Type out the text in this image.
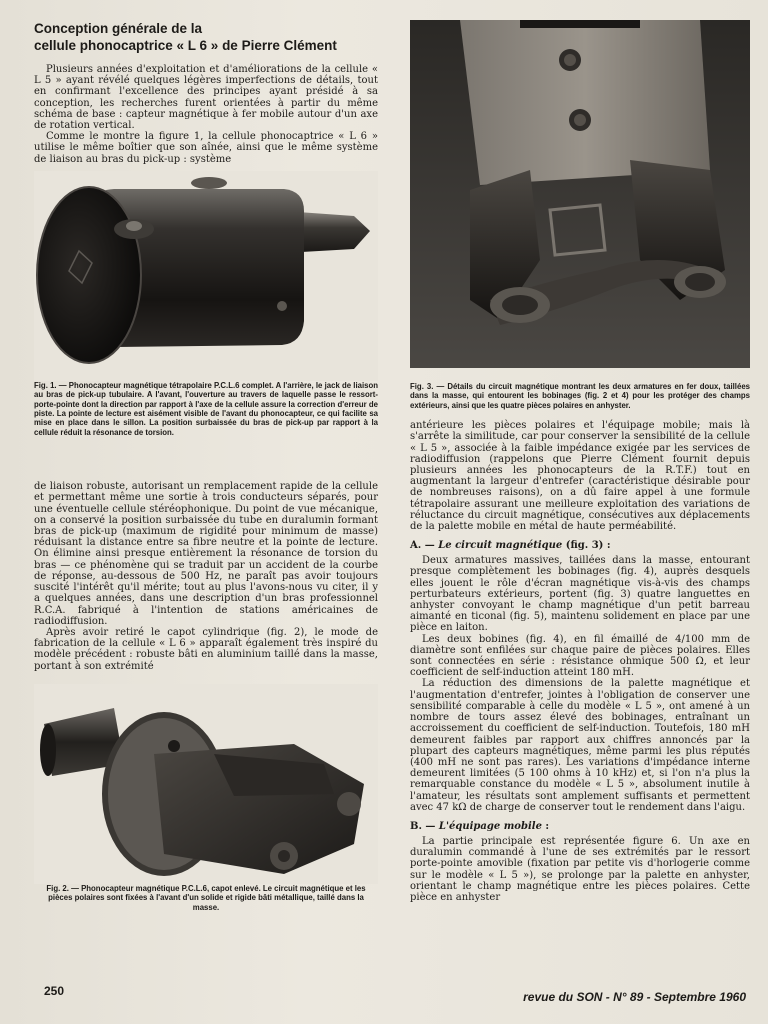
Conception générale de la
cellule phonocaptrice « L 6 » de Pierre Clément

Plusieurs années d'exploitation et d'améliorations de la cellule « L 5 » ayant révélé quelques légères imperfections de détails, tout en confirmant l'excellence des principes ayant présidé à sa conception, les recherches furent orientées à partir du même schéma de base : capteur magnétique à fer mobile autour d'un axe de rotation vertical.

Comme le montre la figure 1, la cellule phonocaptrice « L 6 » utilise le même boîtier que son aînée, ainsi que le même système de liaison au bras du pick-up : système

Fig. 1. — Phonocapteur magnétique tétrapolaire P.C.L.6 complet. A l'arrière, le jack de liaison au bras de pick-up tubulaire. A l'avant, l'ouverture au travers de laquelle passe le ressort-porte-pointe dont la direction par rapport à l'axe de la cellule assure la correction d'erreur de piste. La pointe de lecture est aisément visible de l'avant du phonocapteur, ce qui facilite sa mise en place dans le sillon. La position surbaissée du bras de pick-up par rapport à la cellule réduit la résonance de torsion.

de liaison robuste, autorisant un remplacement rapide de la cellule et permettant même une sortie à trois conducteurs séparés, pour une éventuelle cellule stéréophonique. Du point de vue mécanique, on a conservé la position surbaissée du tube en duralumin formant bras de pick-up (maximum de rigidité pour minimum de masse) réduisant la distance entre sa fibre neutre et la pointe de lecture. On élimine ainsi presque entièrement la résonance de torsion du bras — ce phénomène qui se traduit par un accident de la courbe de réponse, au-dessous de 500 Hz, ne paraît pas avoir toujours suscité l'intérêt qu'il mérite; tout au plus l'avons-nous vu citer, il y a quelques années, dans une description d'un bras professionnel R.C.A. fabriqué à l'intention de stations américaines de radiodiffusion.

Après avoir retiré le capot cylindrique (fig. 2), le mode de fabrication de la cellule « L 6 » apparaît également très inspiré du modèle précédent : robuste bâti en aluminium taillé dans la masse, portant à son extrémité

Fig. 2. — Phonocapteur magnétique P.C.L.6, capot enlevé. Le circuit magnétique et les pièces polaires sont fixées à l'avant d'un solide et rigide bâti métallique, taillé dans la masse.

Fig. 3. — Détails du circuit magnétique montrant les deux armatures en fer doux, taillées dans la masse, qui entourent les bobinages (fig. 2 et 4) pour les protéger des champs extérieurs, ainsi que les quatre pièces polaires en anhyster.

antérieure les pièces polaires et l'équipage mobile; mais là s'arrête la similitude, car pour conserver la sensibilité de la cellule « L 5 », associée à la faible impédance exigée par les services de radiodiffusion (rappelons que Pierre Clément fournit depuis plusieurs années les phonocapteurs de la R.T.F.) tout en augmentant la largeur d'entrefer (caractéristique désirable pour de nombreuses raisons), on a dû faire appel à une formule tétrapolaire assurant une meilleure exploitation des variations de réluctance du circuit magnétique, consécutives aux déplacements de la palette mobile en métal de haute perméabilité.

A. — Le circuit magnétique (fig. 3) :

Deux armatures massives, taillées dans la masse, entourant presque complètement les bobinages (fig. 4), auprès desquels elles jouent le rôle d'écran magnétique vis-à-vis des champs perturbateurs extérieurs, portent (fig. 3) quatre languettes en anhyster convoyant le champ magnétique d'un petit barreau aimanté en ticonal (fig. 5), maintenu solidement en place par une pièce en laiton.

Les deux bobines (fig. 4), en fil émaillé de 4/100 mm de diamètre sont enfilées sur chaque paire de pièces polaires. Elles sont connectées en série : résistance ohmique 500 Ω, et leur coefficient de self-induction atteint 180 mH.

La réduction des dimensions de la palette magnétique et l'augmentation d'entrefer, jointes à l'obligation de conserver une sensibilité comparable à celle du modèle « L 5 », ont amené à un nombre de tours assez élevé des bobinages, entraînant un accroissement du coefficient de self-induction. Toutefois, 180 mH demeurent faibles par rapport aux chiffres annoncés par la plupart des capteurs magnétiques, même parmi les plus réputés (400 mH ne sont pas rares). Les variations d'impédance interne demeurent limitées (5 100 ohms à 10 kHz) et, si l'on n'a plus la remarquable constance du modèle « L 5 », absolument inutile à l'amateur, les résultats sont amplement suffisants et permettent avec 47 kΩ de charge de conserver tout le rendement dans l'aigu.

B. — L'équipage mobile :

La partie principale est représentée figure 6. Un axe en duralumin commandé à l'une de ses extrémités par le ressort porte-pointe amovible (fixation par petite vis d'horlogerie comme sur le modèle « L 5 »), se prolonge par la palette en anhyster, orientant le champ magnétique entre les pièces polaires. Cette pièce en anhyster

250	revue du SON - N° 89 - Septembre 1960
